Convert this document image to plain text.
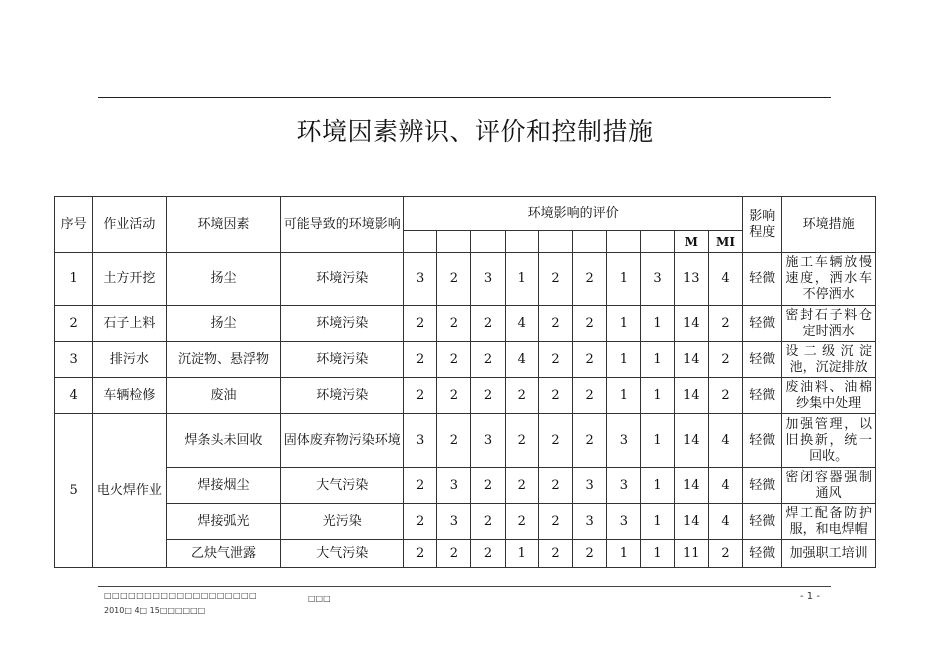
环境因素辨识、评价和控制措施
序号	作业活动	环境因素	可能导致的环境影响	环境影响的评价										影响程度	环境措施
												M	MI		
1	土方开挖	扬尘	环境污染	3	2	3	1	2	2	1	3	13	4	轻微	施工车辆放慢速度，洒水车不停洒水
2	石子上料	扬尘	环境污染	2	2	2	4	2	2	1	1	14	2	轻微	密封石子料仓定时洒水
3	排污水	沉淀物、悬浮物	环境污染	2	2	2	4	2	2	1	1	14	2	轻微	设二级沉淀池，沉淀排放
4	车辆检修	废油	环境污染	2	2	2	2	2	2	1	1	14	2	轻微	废油料、油棉纱集中处理
5	电火焊作业	焊条头未回收	固体废弃物污染环境	3	2	3	2	2	2	3	1	14	4	轻微	加强管理，以旧换新，统一回收。
		焊接烟尘	大气污染	2	3	2	2	2	3	3	1	14	4	轻微	密闭容器强制通风
		焊接弧光	光污染	2	3	2	2	2	3	3	1	14	4	轻微	焊工配备防护服，和电焊帽
		乙炔气泄露	大气污染	2	2	2	1	2	2	1	1	11	2	轻微	加强职工培训
□□□□□□□□□□□□□□□□□□□
2010□ 4□ 15□□□□□□
□□□	- 1 -
